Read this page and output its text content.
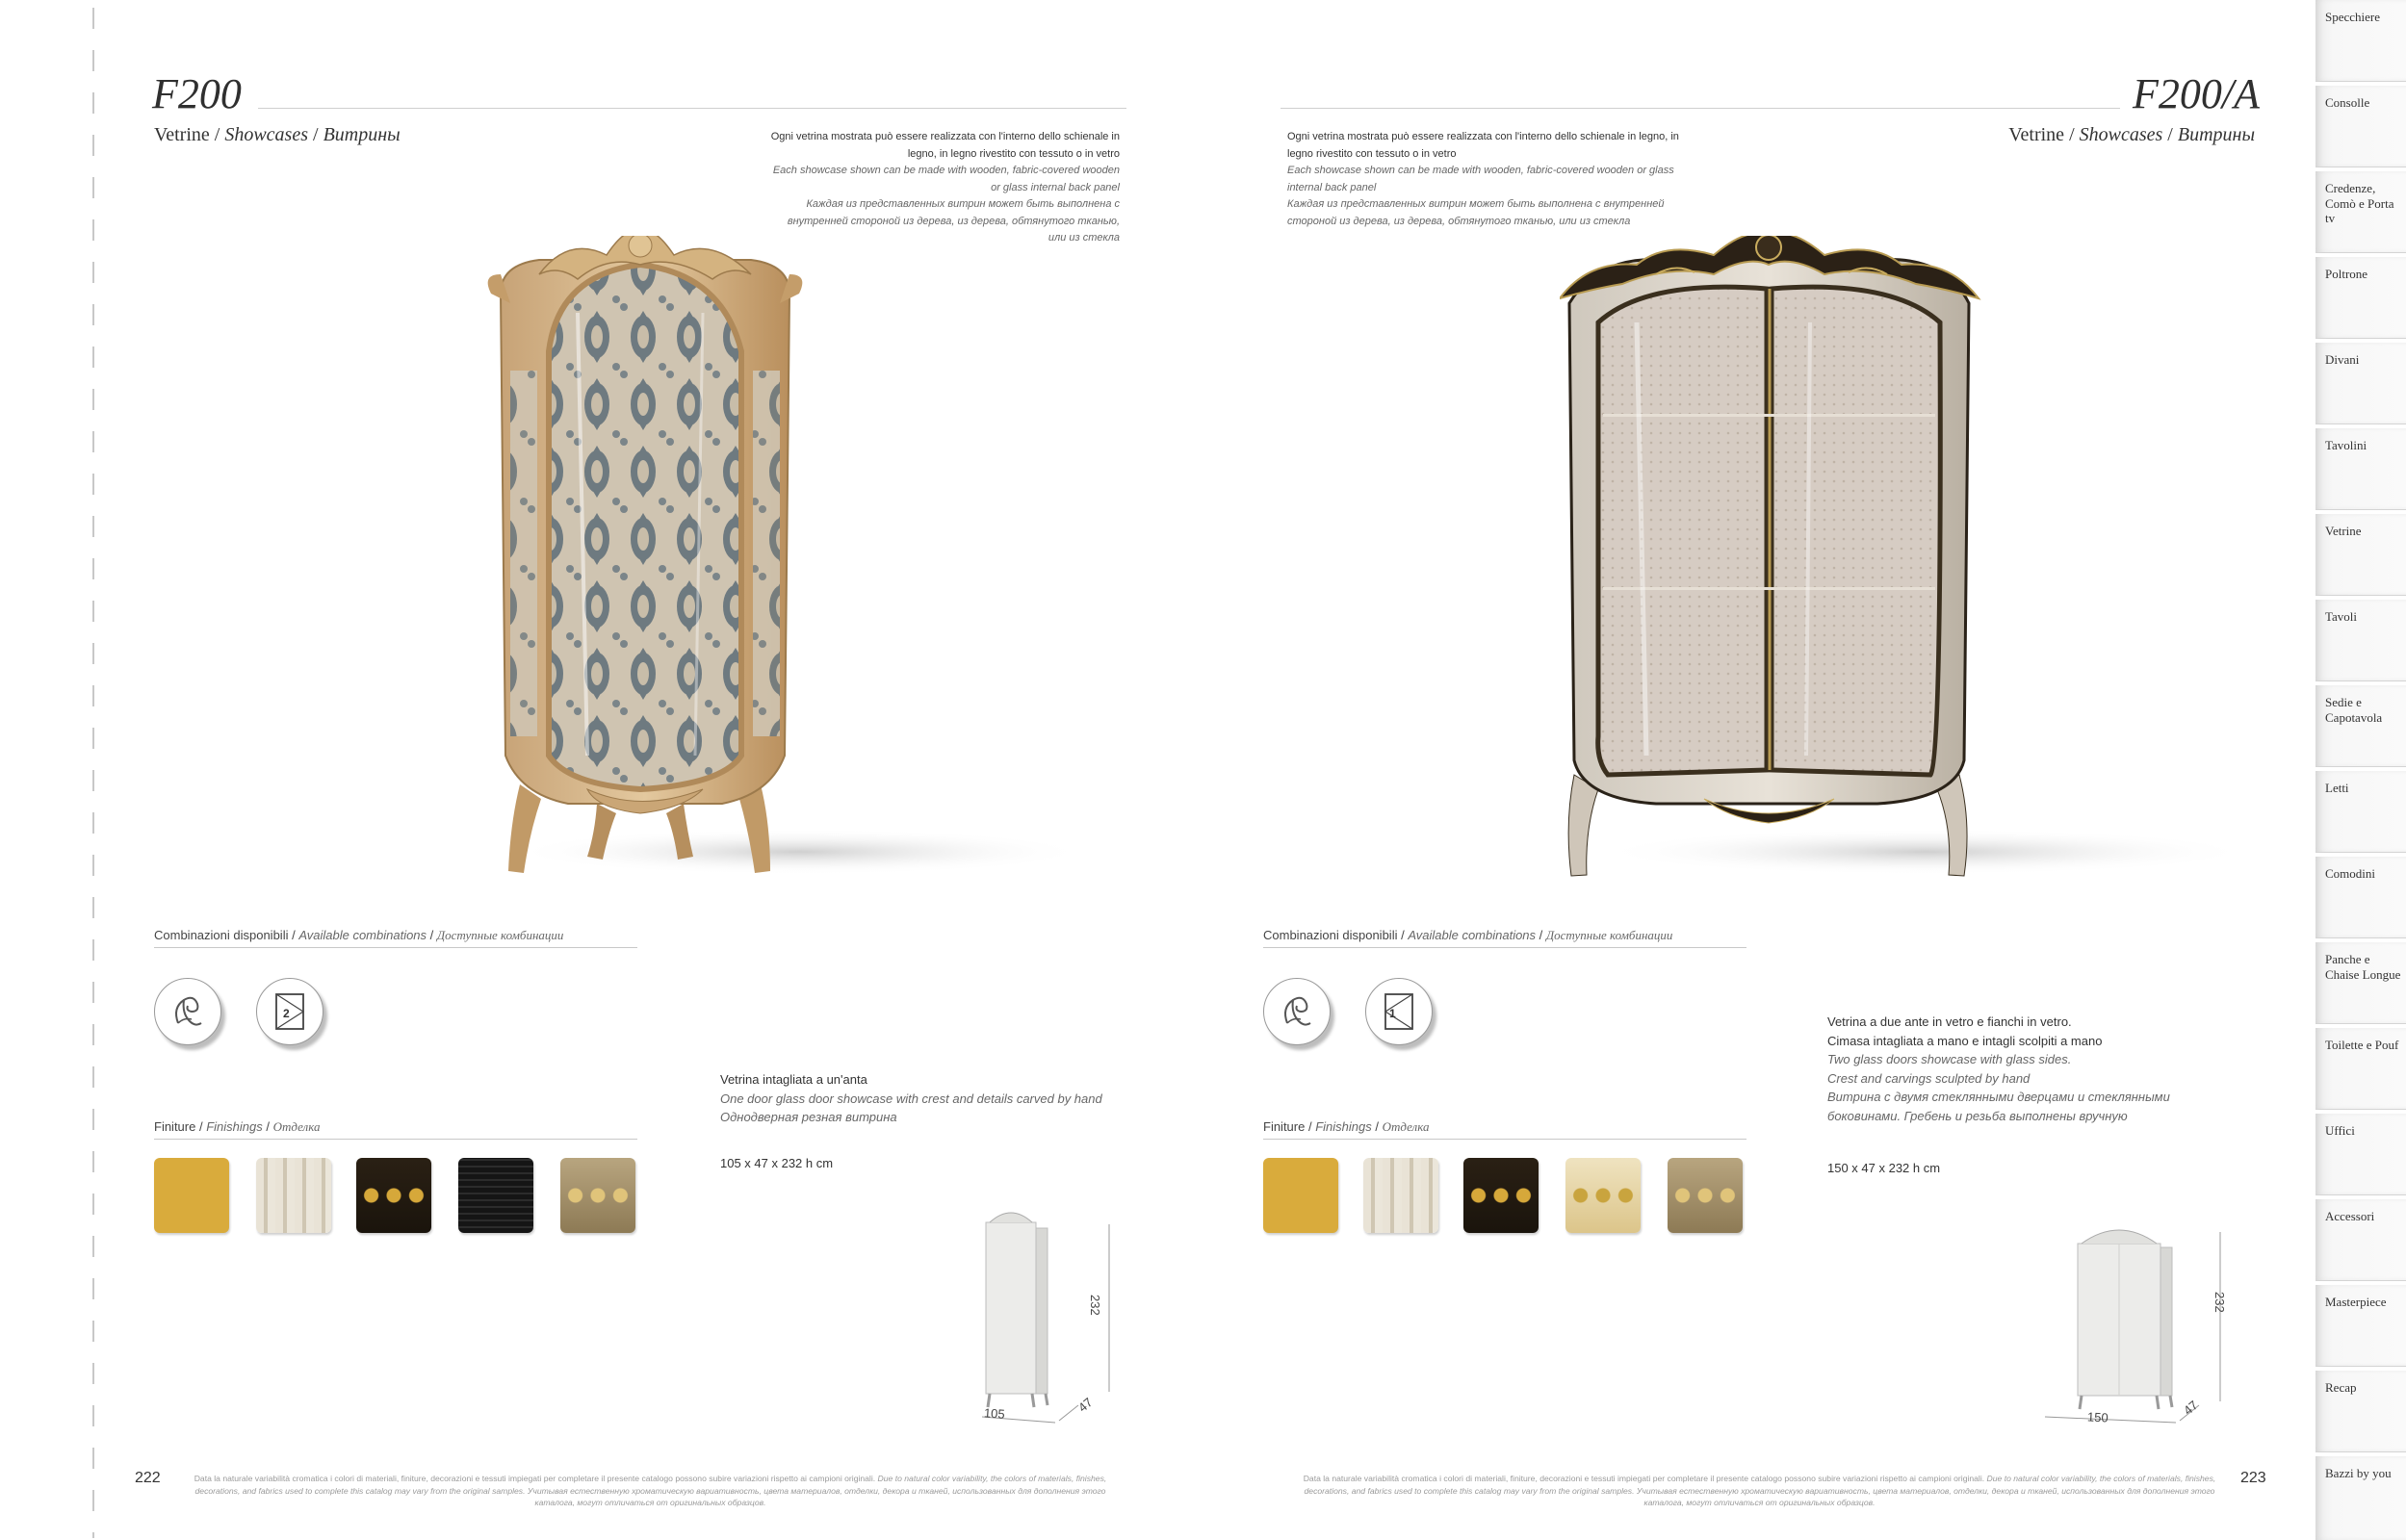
F200
Vetrine / Showcases / Витрины	Ogni vetrina mostrata può essere realizzata con l'interno dello schienale in legno, in legno rivestito con tessuto o in vetro
Each showcase shown can be made with wooden, fabric-covered wooden or glass internal back panel
Каждая из представленных витрин может быть выполнена с внутренней стороной из дерева, из дерева, обтянутого тканью, или из стекла
Combinazioni disponibili / Available combinations / Доступные комбинации
2
Finiture / Finishings / Отделка
Vetrina intagliata a un'anta
One door glass door showcase with crest and details carved by hand
Однодверная резная витрина
105 x 47 x 232 h cm
232
105	47
222	Data la naturale variabilità cromatica i colori di materiali, finiture, decorazioni e tessuti impiegati per completare il presente catalogo possono subire variazioni rispetto ai campioni originali. Due to natural color variability, the colors of materials, finishes, decorations, and fabrics used to complete this catalog may vary from the original samples. Учитывая естественную хроматическую вариативность, цвета материалов, отделки, декора и тканей, использованных для дополнения этого каталога, могут отличаться от оригинальных образцов.
F200/A
Vetrine / Showcases / Витрины
Ogni vetrina mostrata può essere realizzata con l'interno dello schienale in legno, in legno rivestito con tessuto o in vetro
Each showcase shown can be made with wooden, fabric-covered wooden or glass internal back panel
Каждая из представленных витрин может быть выполнена с внутренней стороной из дерева, из дерева, обтянутого тканью, или из стекла
Combinazioni disponibili / Available combinations / Доступные комбинации
1
Finiture / Finishings / Отделка
Vetrina a due ante in vetro e fianchi in vetro.
Cimasa intagliata a mano e intagli scolpiti a mano
Two glass doors showcase with glass sides.
Crest and carvings sculpted by hand
Витрина с двумя стеклянными дверцами и стеклянными боковинами. Гребень и резьба выполнены вручную
150 x 47 x 232 h cm
232
150	47
Data la naturale variabilità cromatica i colori di materiali, finiture, decorazioni e tessuti impiegati per completare il presente catalogo possono subire variazioni rispetto ai campioni originali. Due to natural color variability, the colors of materials, finishes, decorations, and fabrics used to complete this catalog may vary from the original samples. Учитывая естественную хроматическую вариативность, цвета материалов, отделки, декора и тканей, использованных для дополнения этого каталога, могут отличаться от оригинальных образцов.
223
Specchiere
Consolle
Credenze, Comò e Porta tv
Poltrone
Divani
Tavolini
Vetrine
Tavoli
Sedie e Capotavola
Letti
Comodini
Panche e Chaise Longue
Toilette e Pouf
Uffici
Accessori
Masterpiece
Recap
Bazzi by you
